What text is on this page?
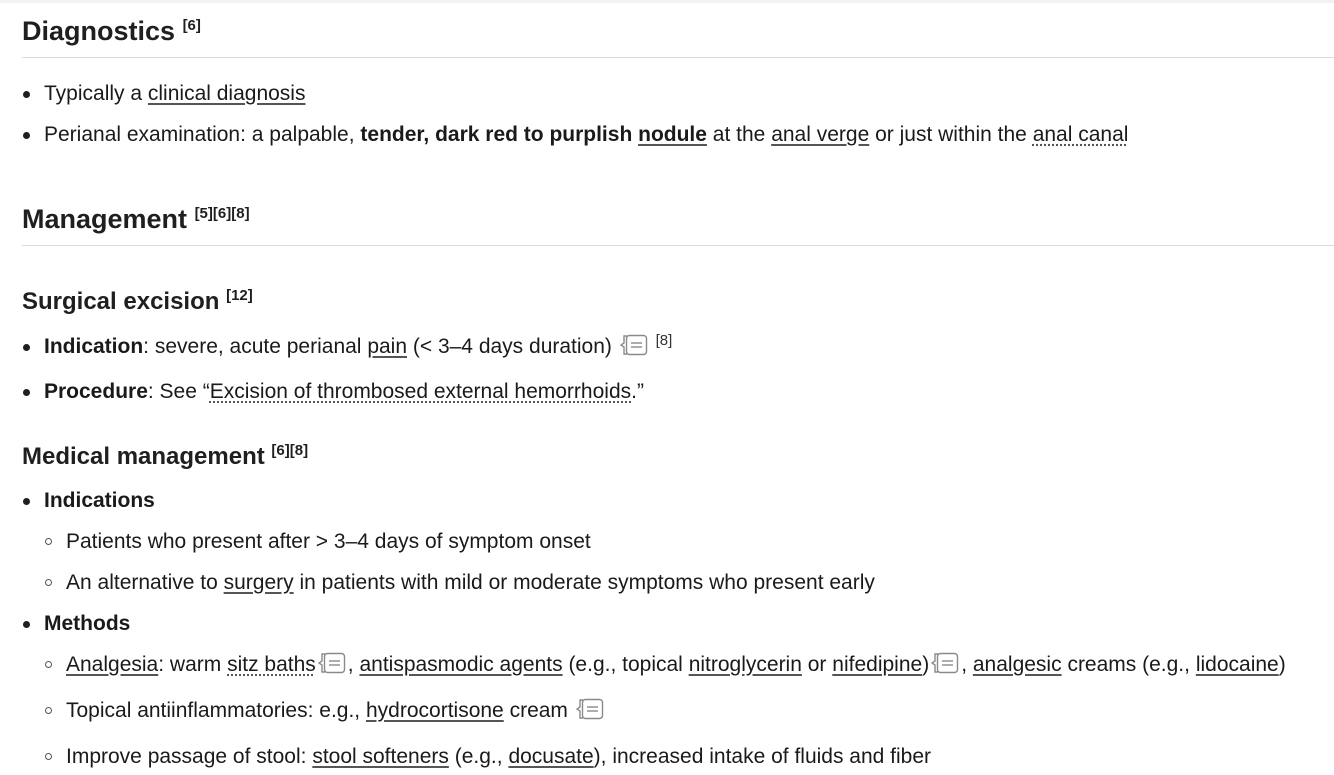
Diagnostics [6]
Typically a clinical diagnosis
Perianal examination: a palpable, tender, dark red to purplish nodule at the anal verge or just within the anal canal
Management [5][6][8]
Surgical excision [12]
Indication: severe, acute perianal pain (< 3–4 days duration)	[8]
Procedure: See “Excision of thrombosed external hemorrhoids.”
Medical management [6][8]
Indications
Patients who present after > 3–4 days of symptom onset
An alternative to surgery in patients with mild or moderate symptoms who present early
Methods
Analgesia: warm sitz baths , antispasmodic agents (e.g., topical nitroglycerin or nifedipine) , analgesic creams (e.g., lidocaine)
Topical antiinflammatories: e.g., hydrocortisone cream
Improve passage of stool: stool softeners (e.g., docusate), increased intake of fluids and fiber
